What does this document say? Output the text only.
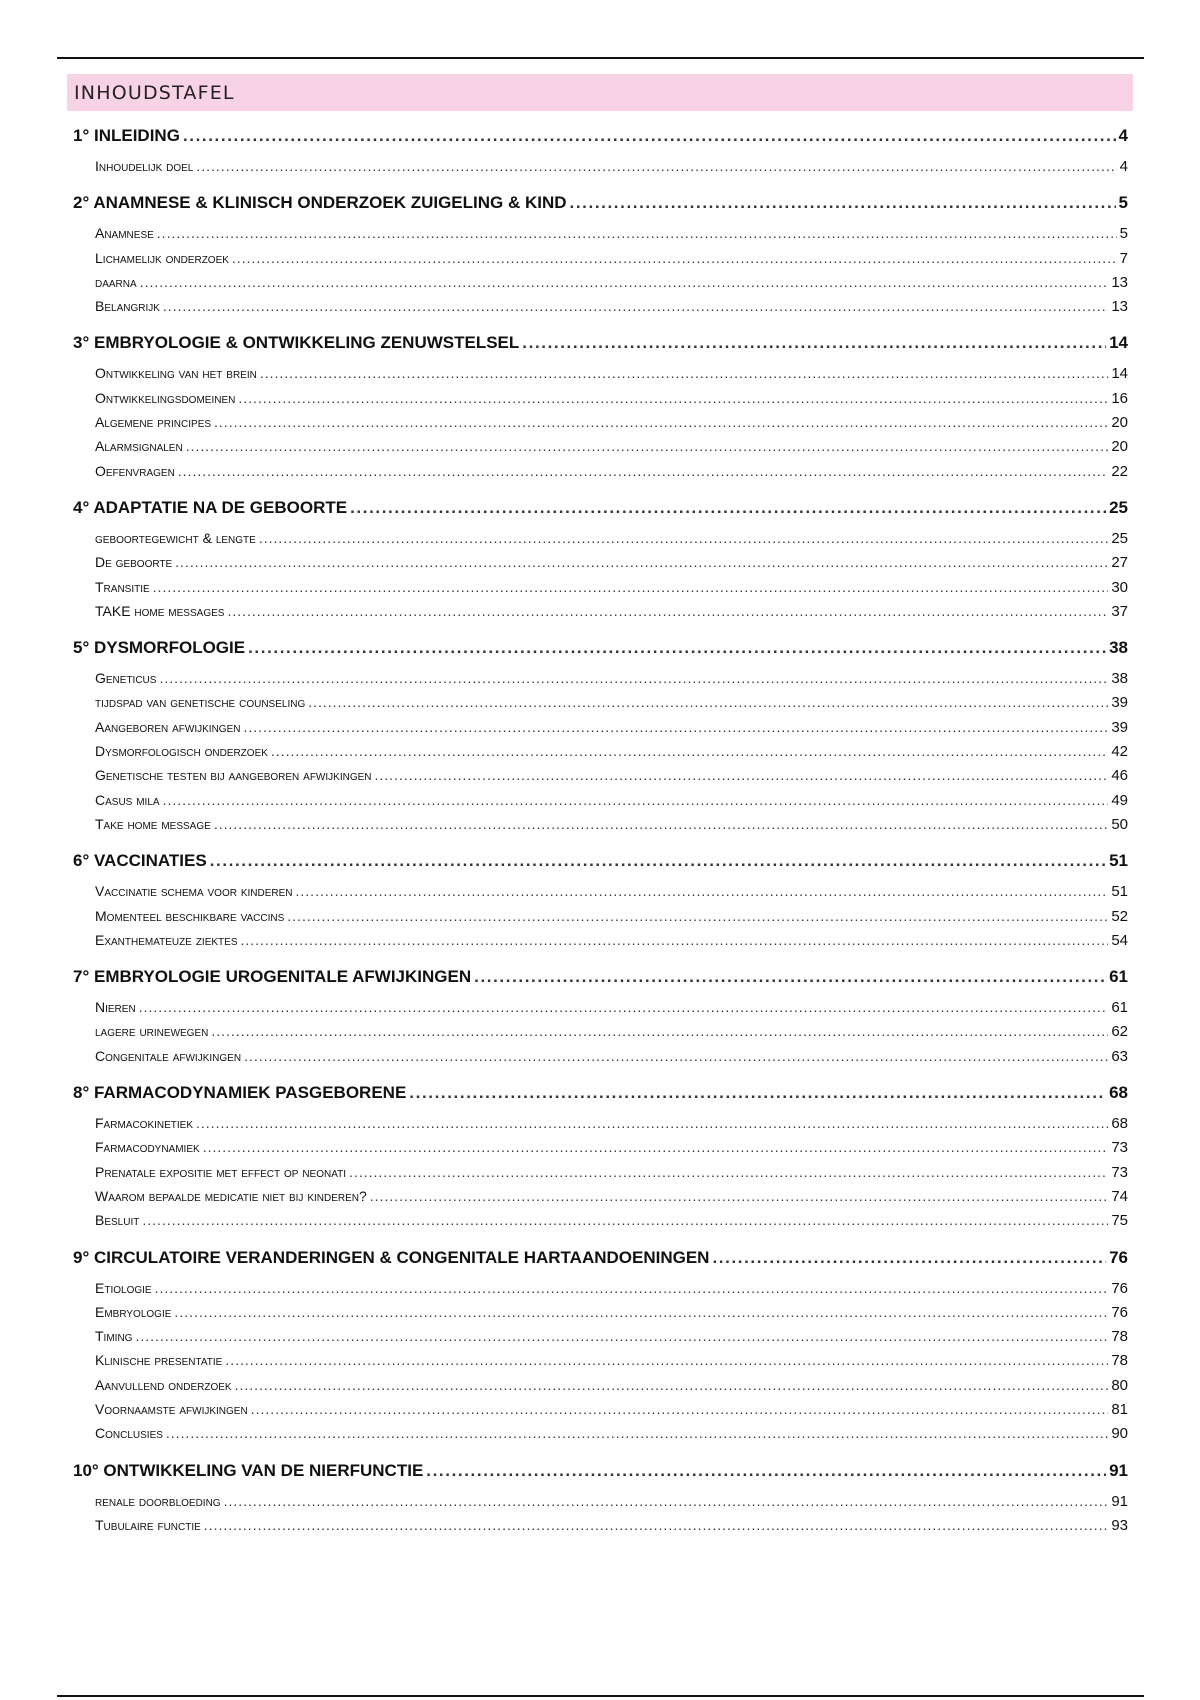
INHOUDSTAFEL
1° INLEIDING .....	4
Inhoudelijk doel .....	4
2° ANAMNESE & KLINISCH ONDERZOEK ZUIGELING & KIND .....	5
Anamnese .....	5
Lichamelijk onderzoek .....	7
daarna .....	13
Belangrijk .....	13
3° EMBRYOLOGIE & ONTWIKKELING ZENUWSTELSEL .....	14
Ontwikkeling van het brein .....	14
Ontwikkelingsdomeinen .....	16
Algemene principes .....	20
Alarmsignalen .....	20
Oefenvragen .....	22
4° ADAPTATIE NA DE GEBOORTE .....	25
geboortegewicht & lengte .....	25
De geboorte .....	27
Transitie .....	30
TAKE home messages .....	37
5° DYSMORFOLOGIE .....	38
Geneticus .....	38
tijdspad van genetische counseling .....	39
Aangeboren afwijkingen .....	39
Dysmorfologisch onderzoek .....	42
Genetische testen bij aangeboren afwijkingen .....	46
Casus mila .....	49
Take home message .....	50
6° VACCINATIES .....	51
Vaccinatie schema voor kinderen .....	51
Momenteel beschikbare vaccins .....	52
Exanthemateuze ziektes .....	54
7° EMBRYOLOGIE UROGENITALE AFWIJKINGEN .....	61
Nieren .....	61
lagere urinewegen .....	62
Congenitale afwijkingen .....	63
8° FARMACODYNAMIEK PASGEBORENE .....	68
Farmacokinetiek .....	68
Farmacodynamiek .....	73
Prenatale expositie met effect op neonati .....	73
Waarom bepaalde medicatie niet bij kinderen? .....	74
Besluit .....	75
9° CIRCULATOIRE VERANDERINGEN & CONGENITALE HARTAANDOENINGEN .....	76
Etiologie .....	76
Embryologie .....	76
Timing .....	78
Klinische presentatie .....	78
Aanvullend onderzoek .....	80
Voornaamste afwijkingen .....	81
Conclusies .....	90
10° ONTWIKKELING VAN DE NIERFUNCTIE .....	91
renale doorbloeding .....	91
Tubulaire functie .....	93
